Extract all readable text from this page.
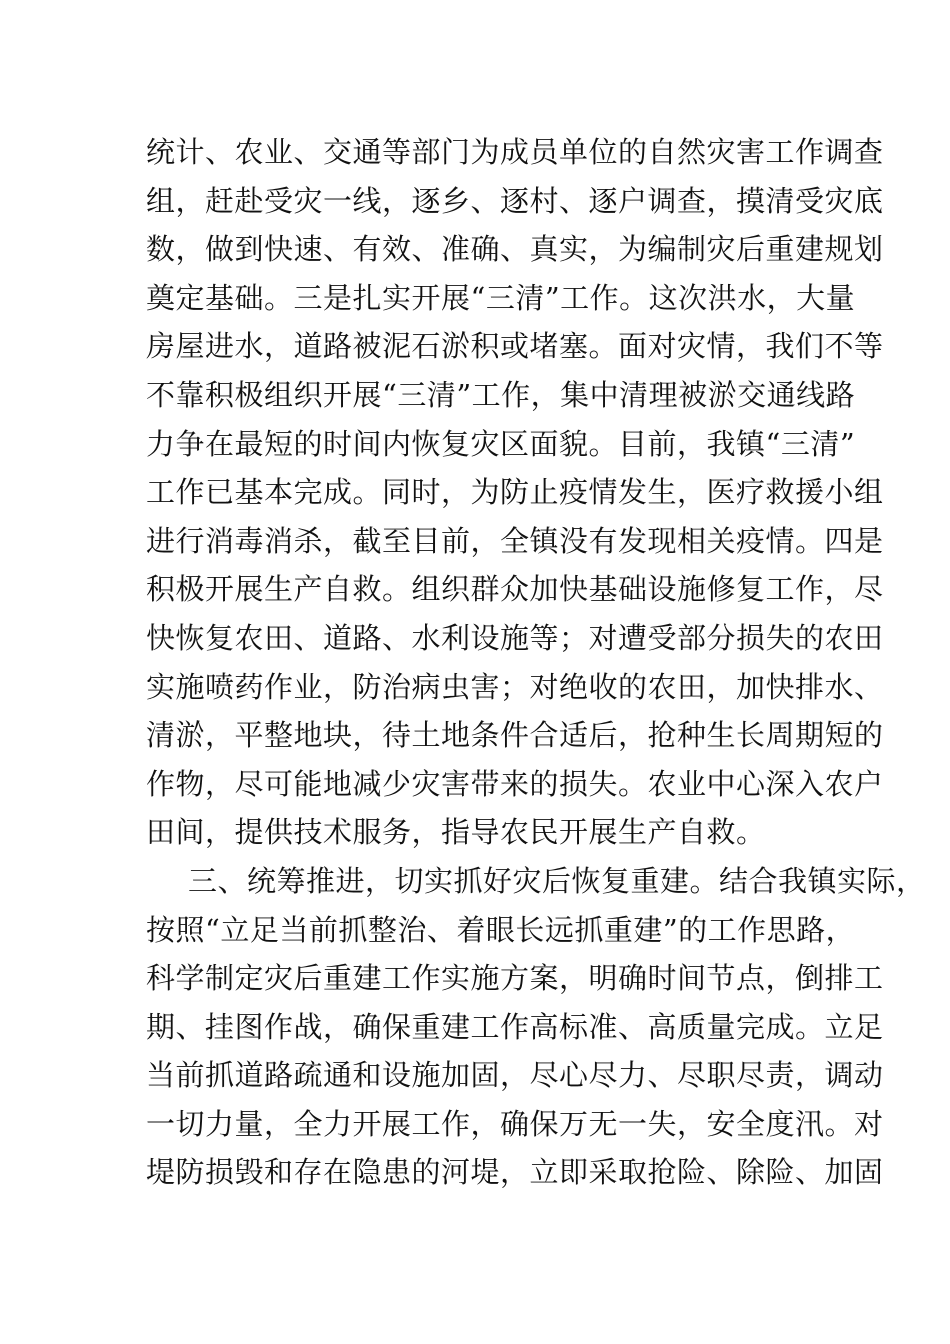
统计、农业、交通等部门为成员单位的自然灾害工作调查
组，赶赴受灾一线，逐乡、逐村、逐户调查，摸清受灾底
数，做到快速、有效、准确、真实，为编制灾后重建规划
奠定基础。三是扎实开展“三清”工作。这次洪水，大量
房屋进水，道路被泥石淤积或堵塞。面对灾情，我们不等
不靠积极组织开展“三清”工作，集中清理被淤交通线路
力争在最短的时间内恢复灾区面貌。目前，我镇“三清”
工作已基本完成。同时，为防止疫情发生，医疗救援小组
进行消毒消杀，截至目前，全镇没有发现相关疫情。四是
积极开展生产自救。组织群众加快基础设施修复工作，尽
快恢复农田、道路、水利设施等；对遭受部分损失的农田
实施喷药作业，防治病虫害；对绝收的农田，加快排水、
清淤，平整地块，待土地条件合适后，抢种生长周期短的
作物，尽可能地减少灾害带来的损失。农业中心深入农户
田间，提供技术服务，指导农民开展生产自救。
三、统筹推进，切实抓好灾后恢复重建。结合我镇实际，
按照“立足当前抓整治、着眼长远抓重建”的工作思路，
科学制定灾后重建工作实施方案，明确时间节点，倒排工
期、挂图作战，确保重建工作高标准、高质量完成。立足
当前抓道路疏通和设施加固，尽心尽力、尽职尽责，调动
一切力量，全力开展工作，确保万无一失，安全度汛。对
堤防损毁和存在隐患的河堤，立即采取抢险、除险、加固
